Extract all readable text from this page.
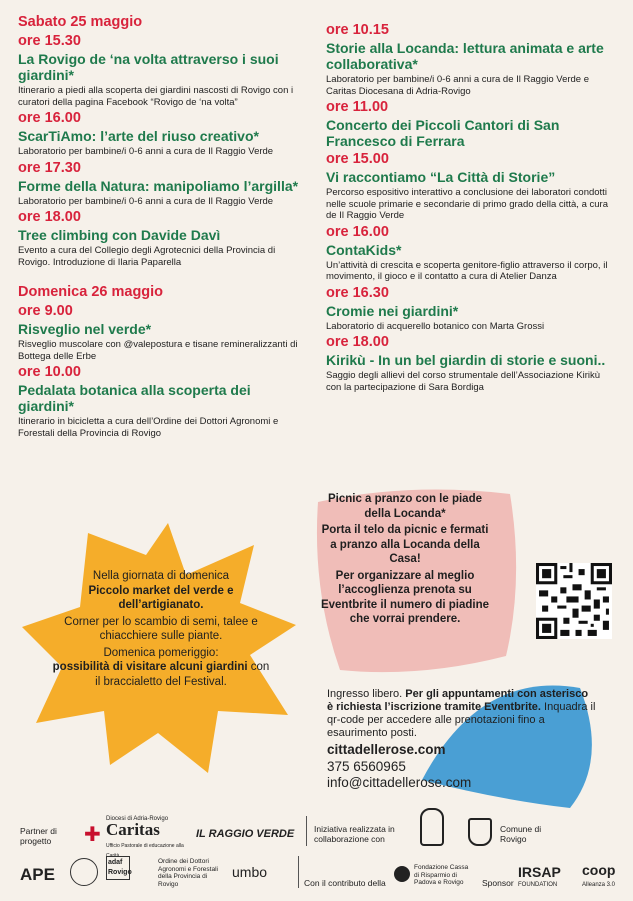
Sabato 25 maggio
ore 15.30
La Rovigo de ‘na volta attraverso i suoi giardini*
Itinerario a piedi alla scoperta dei giardini nascosti di Rovigo con i curatori della pagina Facebook “Rovigo de ‘na volta”
ore 16.00
ScarTiAmo: l’arte del riuso creativo*
Laboratorio per bambine/i 0-6 anni a cura de Il Raggio Verde
ore 17.30
Forme della Natura: manipoliamo l’argilla*
Laboratorio per bambine/i 0-6 anni a cura de Il Raggio Verde
ore 18.00
Tree climbing con Davide Davì
Evento a cura del Collegio degli Agrotecnici della Provincia di Rovigo. Introduzione di Ilaria Paparella
Domenica 26 maggio
ore 9.00
Risveglio nel verde*
Risveglio muscolare con @valepostura e tisane remineralizzanti di Bottega delle Erbe
ore 10.00
Pedalata botanica alla scoperta dei giardini*
Itinerario in bicicletta a cura dell’Ordine dei Dottori Agronomi e Forestali della Provincia di Rovigo
ore 10.15
Storie alla Locanda: lettura animata e arte collaborativa*
Laboratorio per bambine/i 0-6 anni a cura de Il Raggio Verde e Caritas Diocesana di Adria-Rovigo
ore 11.00
Concerto dei Piccoli Cantori di San Francesco di Ferrara
ore 15.00
Vi raccontiamo “La Città di Storie”
Percorso espositivo interattivo a conclusione dei laboratori condotti nelle scuole primarie e secondarie di primo grado della città, a cura de Il Raggio Verde
ore 16.00
ContaKids*
Un’attività di crescita e scoperta genitore-figlio attraverso il corpo, il movimento, il gioco e il contatto a cura di Atelier Danza
ore 16.30
Cromie nei giardini*
Laboratorio di acquerello botanico con Marta Grossi
ore 18.00
Kirikù - In un bel giardin di storie e suoni..
Saggio degli allievi del corso strumentale dell’Associazione Kirikù con la partecipazione di Sara Bordiga
Nella giornata di domenica
Piccolo market del verde e dell’artigianato.
Corner per lo scambio di semi, talee e chiacchiere sulle piante.
Domenica pomeriggio:
possibilità di visitare alcuni giardini con il braccialetto del Festival.
Picnic a pranzo con le piade della Locanda*
Porta il telo da picnic e fermati a pranzo alla Locanda della Casa!
Per organizzare al meglio l’accoglienza prenota su Eventbrite il numero di piadine che vorrai prendere.
Ingresso libero. Per gli appuntamenti con asterisco è richiesta l’iscrizione tramite Eventbrite. Inquadra il qr-code per accedere alle prenotazioni fino a esaurimento posti.
cittadellerose.com
375 6560965
info@cittadellerose.com
Partner di progetto	✚
Diocesi di Adria-Rovigo
Caritas
Ufficio Pastorale di educazione alla Carità
IL RAGGIO VERDE Iniziativa realizzata in collaborazione con
Comune di Rovigo
APE
adaf Rovigo
Ordine dei Dottori Agronomi e Forestali della Provincia di Rovigo
umbo
Con il contributo della
Fondazione Cassa di Risparmio di Padova e Rovigo	Sponsor
IRSAP
FOUNDATION
coop
Alleanza 3.0
